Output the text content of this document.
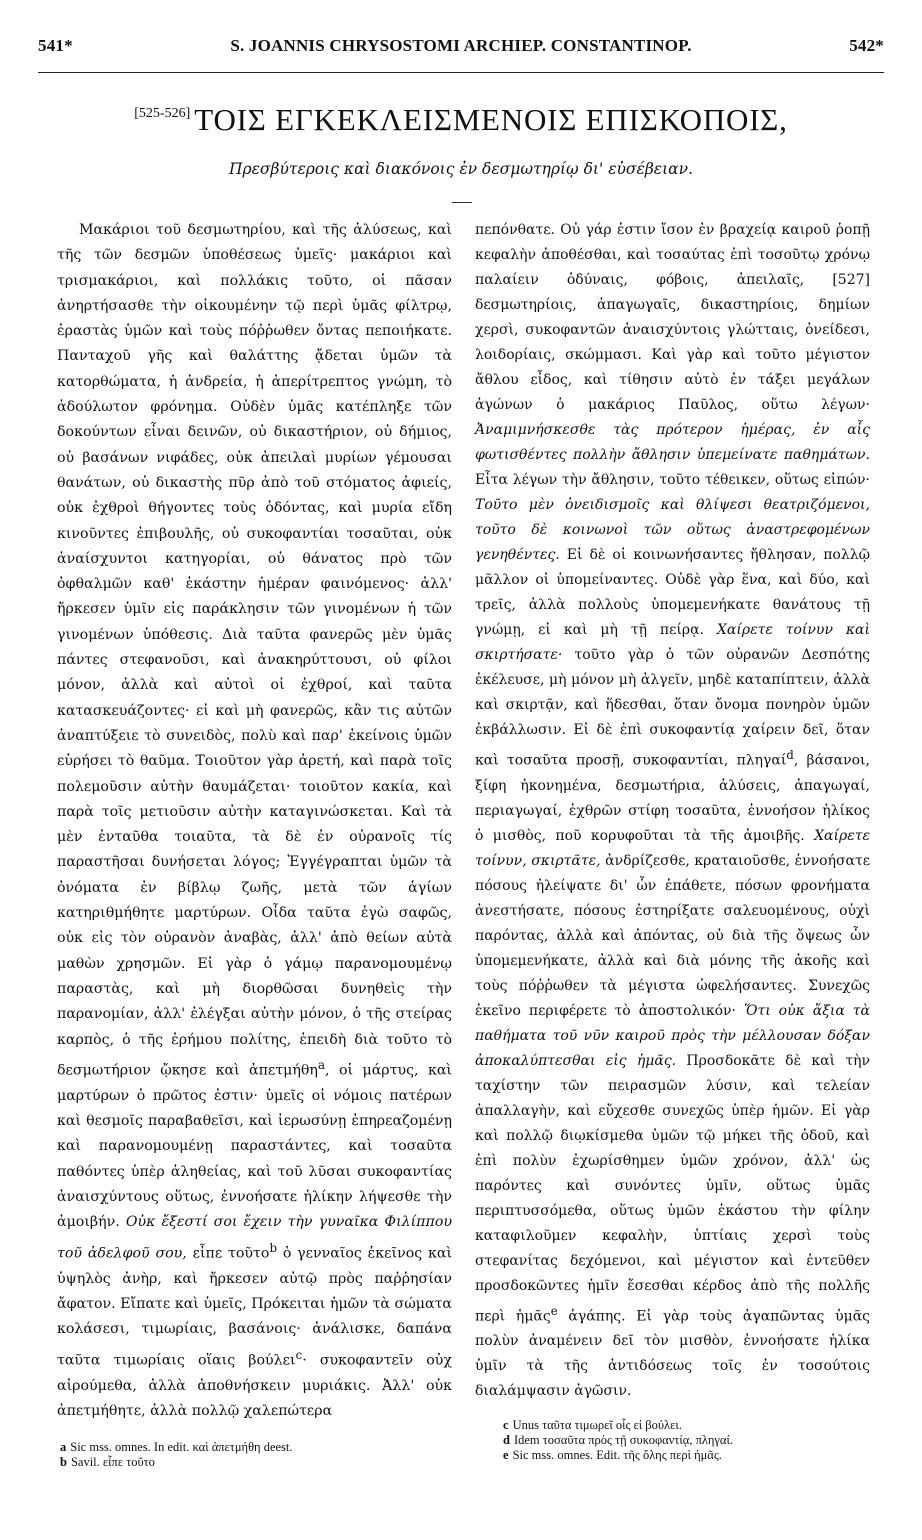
541*	S. JOANNIS CHRYSOSTOMI ARCHIEP. CONSTANTINOP.	542*
[525-526] ΤΟΙΣ ΕΓΚΕΚΛΕΙΣΜΕΝΟΙΣ ΕΠΙΣΚΟΠΟΙΣ,
Πρεσβύτεροις καὶ διακόνοις ἐν δεσμωτηρίῳ δι' εὐσέβειαν.

Μακάριοι τοῦ δεσμωτηρίου, καὶ τῆς ἁλύσεως, καὶ τῆς τῶν δεσμῶν ὑποθέσεως ὑμεῖς· μακάριοι καὶ τρισμακάριοι, καὶ πολλάκις τοῦτο, οἱ πᾶσαν ἀνηρτήσασθε τὴν οἰκουμένην τῷ περὶ ὑμᾶς φίλτρῳ, ἐραστὰς ὑμῶν καὶ τοὺς πόῤῥωθεν ὄντας πεποιήκατε. Πανταχοῦ γῆς καὶ θαλάττης ᾄδεται ὑμῶν τὰ κατορθώματα, ἡ ἀνδρεία, ἡ ἀπερίτρεπτος γνώμη, τὸ ἀδούλωτον φρόνημα. Οὐδὲν ὑμᾶς κατέπληξε τῶν δοκούντων εἶναι δεινῶν, οὐ δικαστήριον, οὐ δήμιος, οὐ βασάνων νιφάδες, οὐκ ἀπειλαὶ μυρίων γέμουσαι θανάτων, οὐ δικαστὴς πῦρ ἀπὸ τοῦ στόματος ἀφιείς, οὐκ ἐχθροὶ θήγοντες τοὺς ὀδόντας, καὶ μυρία εἴδη κινοῦντες ἐπιβουλῆς, οὐ συκοφαντίαι τοσαῦται, οὐκ ἀναίσχυντοι κατηγορίαι, οὐ θάνατος πρὸ τῶν ὀφθαλμῶν καθ' ἑκάστην ἡμέραν φαινόμενος· ἀλλ' ἤρκεσεν ὑμῖν εἰς παράκλησιν τῶν γινομένων ἡ τῶν γινομένων ὑπόθεσις. Διὰ ταῦτα φανερῶς μὲν ὑμᾶς πάντες στεφανοῦσι, καὶ ἀνακηρύττουσι, οὐ φίλοι μόνον, ἀλλὰ καὶ αὐτοὶ οἱ ἐχθροί, καὶ ταῦτα κατασκευάζοντες· εἰ καὶ μὴ φανερῶς, κἂν τις αὐτῶν ἀναπτύξειε τὸ συνειδὸς, πολὺ καὶ παρ' ἐκείνοις ὑμῶν εὑρήσει τὸ θαῦμα. Τοιοῦτον γὰρ ἀρετή, καὶ παρὰ τοῖς πολεμοῦσιν αὐτὴν θαυμάζεται· τοιοῦτον κακία, καὶ παρὰ τοῖς μετιοῦσιν αὐτὴν καταγινώσκεται. Καὶ τὰ μὲν ἐνταῦθα τοιαῦτα, τὰ δὲ ἐν οὐρανοῖς τίς παραστῆσαι δυνήσεται λόγος; Ἐγγέγραπται ὑμῶν τὰ ὀνόματα ἐν βίβλῳ ζωῆς, μετὰ τῶν ἁγίων κατηριθμήθητε μαρτύρων. Οἶδα ταῦτα ἐγὼ σαφῶς, οὐκ εἰς τὸν οὐρανὸν ἀναβὰς, ἀλλ' ἀπὸ θείων αὐτὰ μαθὼν χρησμῶν. Εἰ γὰρ ὁ γάμῳ παρανομουμένῳ παραστὰς, καὶ μὴ διορθῶσαι δυνηθεὶς τὴν παρανομίαν, ἀλλ' ἐλέγξαι αὐτὴν μόνον, ὁ τῆς στείρας καρπὸς, ὁ τῆς ἐρήμου πολίτης, ἐπειδὴ διὰ τοῦτο τὸ δεσμωτήριον ᾤκησε καὶ ἀπετμήθη$^a$, οἱ μάρτυς, καὶ μαρτύρων ὁ πρῶτος ἐστιν· ὑμεῖς οἱ νόμοις πατέρων καὶ θεσμοῖς παραβαθεῖσι, καὶ ἱερωσύνῃ ἐπηρεαζομένῃ καὶ παρανομουμένῃ παραστάντες, καὶ τοσαῦτα παθόντες ὑπὲρ ἀληθείας, καὶ τοῦ λῦσαι συκοφαντίας ἀναισχύντους οὕτως, ἐννοήσατε ἡλίκην λήψεσθε τὴν ἀμοιβήν. Οὐκ ἔξεστί σοι ἔχειν τὴν γυναῖκα Φιλίππου τοῦ ἀδελφοῦ σου, εἶπε τοῦτο$^b$ ὁ γενναῖος ἐκεῖνος καὶ ὑψηλὸς ἀνὴρ, καὶ ἤρκεσεν αὐτῷ πρὸς παῤῥησίαν ἄφατον. Εἴπατε καὶ ὑμεῖς, Πρόκειται ἡμῶν τὰ σώματα κολάσεσι, τιμωρίαις, βασάνοις· ἀνάλισκε, δαπάνα ταῦτα τιμωρίαις οἵαις βούλει$^c$· συκοφαντεῖν οὐχ αἱρούμεθα, ἀλλὰ ἀποθνήσκειν μυριάκις. Ἀλλ' οὐκ ἀπετμήθητε, ἀλλὰ πολλῷ χαλεπώτερα

πεπόνθατε. Οὐ γάρ ἐστιν ἴσον ἐν βραχείᾳ καιροῦ ῥοπῇ κεφαλὴν ἀποθέσθαι, καὶ τοσαύτας ἐπὶ τοσοῦτῳ χρόνῳ παλαίειν ὀδύναις, φόβοις, ἀπειλαῖς, [527] δεσμωτηρίοις, ἀπαγωγαῖς, δικαστηρίοις, δημίων χερσὶ, συκοφαντῶν ἀναισχύντοις γλώτταις, ὀνείδεσι, λοιδορίαις, σκώμμασι. Καὶ γὰρ καὶ τοῦτο μέγιστον ἄθλου εἶδος, καὶ τίθησιν αὐτὸ ἐν τάξει μεγάλων ἀγώνων ὁ μακάριος Παῦλος, οὕτω λέγων· Ἀναμιμνήσκεσθε τὰς πρότερον ἡμέρας, ἐν αἷς φωτισθέντες πολλὴν ἄθλησιν ὑπεμείνατε παθημάτων. Εἶτα λέγων τὴν ἄθλησιν, τοῦτο τέθεικεν, οὕτως εἰπών· Τοῦτο μὲν ὀνειδισμοῖς καὶ θλίψεσι θεατριζόμενοι, τοῦτο δὲ κοινωνοὶ τῶν οὕτως ἀναστρεφομένων γενηθέντες. Εἰ δὲ οἱ κοινωνήσαντες ἤθλησαν, πολλῷ μᾶλλον οἱ ὑπομείναντες. Οὐδὲ γὰρ ἕνα, καὶ δύο, καὶ τρεῖς, ἀλλὰ πολλοὺς ὑπομεμενήκατε θανάτους τῇ γνώμῃ, εἰ καὶ μὴ τῇ πείρᾳ. Χαίρετε τοίνυν καὶ σκιρτήσατε· τοῦτο γὰρ ὁ τῶν οὐρανῶν Δεσπότης ἐκέλευσε, μὴ μόνον μὴ ἀλγεῖν, μηδὲ καταπίπτειν, ἀλλὰ καὶ σκιρτᾷν, καὶ ἥδεσθαι, ὅταν ὄνομα πονηρὸν ὑμῶν ἐκβάλλωσιν. Εἰ δὲ ἐπὶ συκοφαντίᾳ χαίρειν δεῖ, ὅταν καὶ τοσαῦτα προσῇ, συκοφαντίαι, πληγαί$^d$, βάσανοι, ξίφη ἠκονημένα, δεσμωτήρια, ἁλύσεις, ἀπαγωγαί, περιαγωγαί, ἐχθρῶν στίφη τοσαῦτα, ἐννοήσον ἡλίκος ὁ μισθὸς, ποῦ κορυφοῦται τὰ τῆς ἀμοιβῆς. Χαίρετε τοίνυν, σκιρτᾶτε, ἀνδρίζεσθε, κραταιοῦσθε, ἐννοήσατε πόσους ἠλείψατε δι' ὧν ἐπάθετε, πόσων φρονήματα ἀνεστήσατε, πόσους ἐστηρίξατε σαλευομένους, οὐχὶ παρόντας, ἀλλὰ καὶ ἀπόντας, οὐ διὰ τῆς ὄψεως ὧν ὑπομεμενήκατε, ἀλλὰ καὶ διὰ μόνης τῆς ἀκοῆς καὶ τοὺς πόῤῥωθεν τὰ μέγιστα ὠφελήσαντες. Συνεχῶς ἐκεῖνο περιφέρετε τὸ ἀποστολικόν· Ὅτι οὐκ ἄξια τὰ παθήματα τοῦ νῦν καιροῦ πρὸς τὴν μέλλουσαν δόξαν ἀποκαλύπτεσθαι εἰς ἡμᾶς. Προσδοκᾶτε δὲ καὶ τὴν ταχίστην τῶν πειρασμῶν λύσιν, καὶ τελείαν ἀπαλλαγὴν, καὶ εὔχεσθε συνεχῶς ὑπὲρ ἡμῶν. Εἰ γὰρ καὶ πολλῷ διῳκίσμεθα ὑμῶν τῷ μήκει τῆς ὁδοῦ, καὶ ἐπὶ πολὺν ἐχωρίσθημεν ὑμῶν χρόνον, ἀλλ' ὡς παρόντες καὶ συνόντες ὑμῖν, οὕτως ὑμᾶς περιπτυσσόμεθα, οὕτως ὑμῶν ἑκάστου τὴν φίλην καταφιλοῦμεν κεφαλὴν, ὑπτίαις χερσὶ τοὺς στεφανίτας δεχόμενοι, καὶ μέγιστον καὶ ἐντεῦθεν προσδοκῶντες ἡμῖν ἔσεσθαι κέρδος ἀπὸ τῆς πολλῆς περὶ ἡμᾶς$^e$ ἀγάπης. Εἰ γὰρ τοὺς ἀγαπῶντας ὑμᾶς πολὺν ἀναμένειν δεῖ τὸν μισθὸν, ἐννοήσατε ἡλίκα ὑμῖν τὰ τῆς ἀντιδόσεως τοῖς ἐν τοσούτοις διαλάμψασιν ἀγῶσιν.

a Sic mss. omnes. In edit. καὶ ἀπετμήθη deest.
b Savil. εἶπε τοῦτο
c Unus ταῦτα τιμωρεῖ οἷς εἰ βούλει.
d Idem τοσαῦτα πρὸς τῇ συκοφαντίᾳ, πληγαί.
e Sic mss. omnes. Edit. τῆς ὅλης περὶ ἡμᾶς.
